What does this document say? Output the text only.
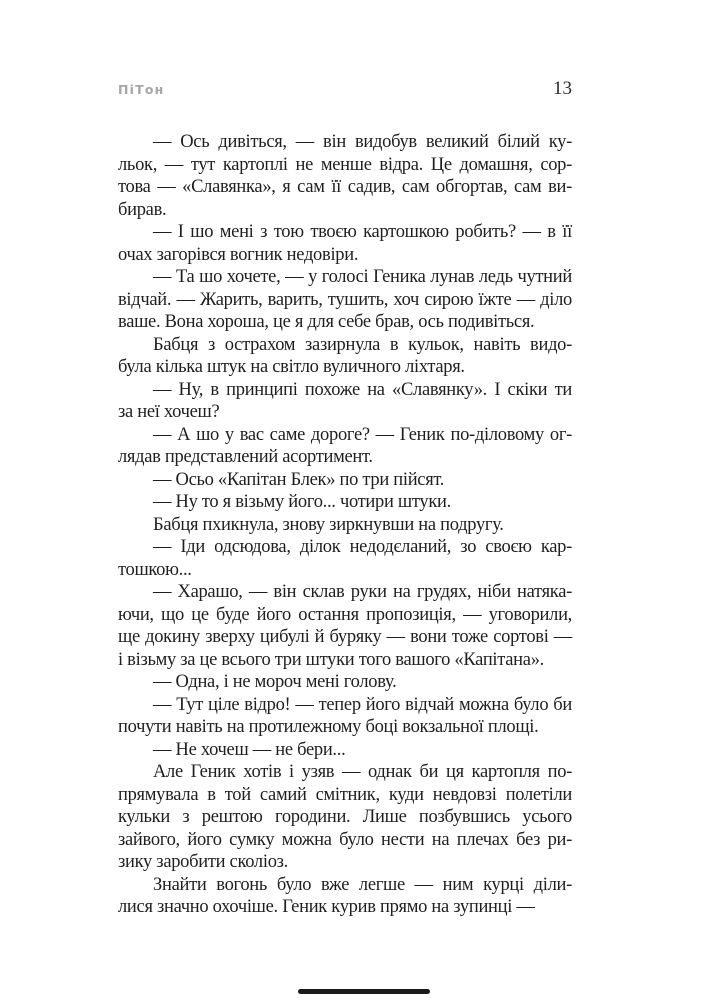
ПіТон	13
— Ось дивіться, — він видобув великий білий ку-
льок, — тут картоплі не менше відра. Це домашня, сор-
това — «Славянка», я сам її садив, сам обгортав, сам ви-
бирав.
— І шо мені з тою твоєю картошкою робить? — в її
очах загорівся вогник недовіри.
— Та шо хочете, — у голосі Геника лунав ледь чутний
відчай. — Жарить, варить, тушить, хоч сирою їжте — діло
ваше. Вона хороша, це я для себе брав, ось подивіться.
Бабця з острахом зазирнула в кульок, навіть видо-
була кілька штук на світло вуличного ліхтаря.
— Ну, в принципі похоже на «Славянку». І скіки ти
за неї хочеш?
— А шо у вас саме дороге? — Геник по-діловому ог-
лядав представлений асортимент.
— Осьо «Капітан Блек» по три пійсят.
— Ну то я візьму його... чотири штуки.
Бабця пхикнула, знову зиркнувши на подругу.
— Іди одсюдова, ділок недодєланий, зо своєю кар-
тошкою...
— Харашо, — він склав руки на грудях, ніби натяка-
ючи, що це буде його остання пропозиція, — уговорили,
ще докину зверху цибулі й буряку — вони тоже сортові —
і візьму за це всього три штуки того вашого «Капітана».
— Одна, і не мороч мені голову.
— Тут ціле відро! — тепер його відчай можна було би
почути навіть на протилежному боці вокзальної площі.
— Не хочеш — не бери...
Але Геник хотів і узяв — однак би ця картопля по-
прямувала в той самий смітник, куди невдовзі полетіли
кульки з рештою городини. Лише позбувшись усього
зайвого, його сумку можна було нести на плечах без ри-
зику заробити сколіоз.
Знайти вогонь було вже легше — ним курці діли-
лися значно охочіше. Геник курив прямо на зупинці —
